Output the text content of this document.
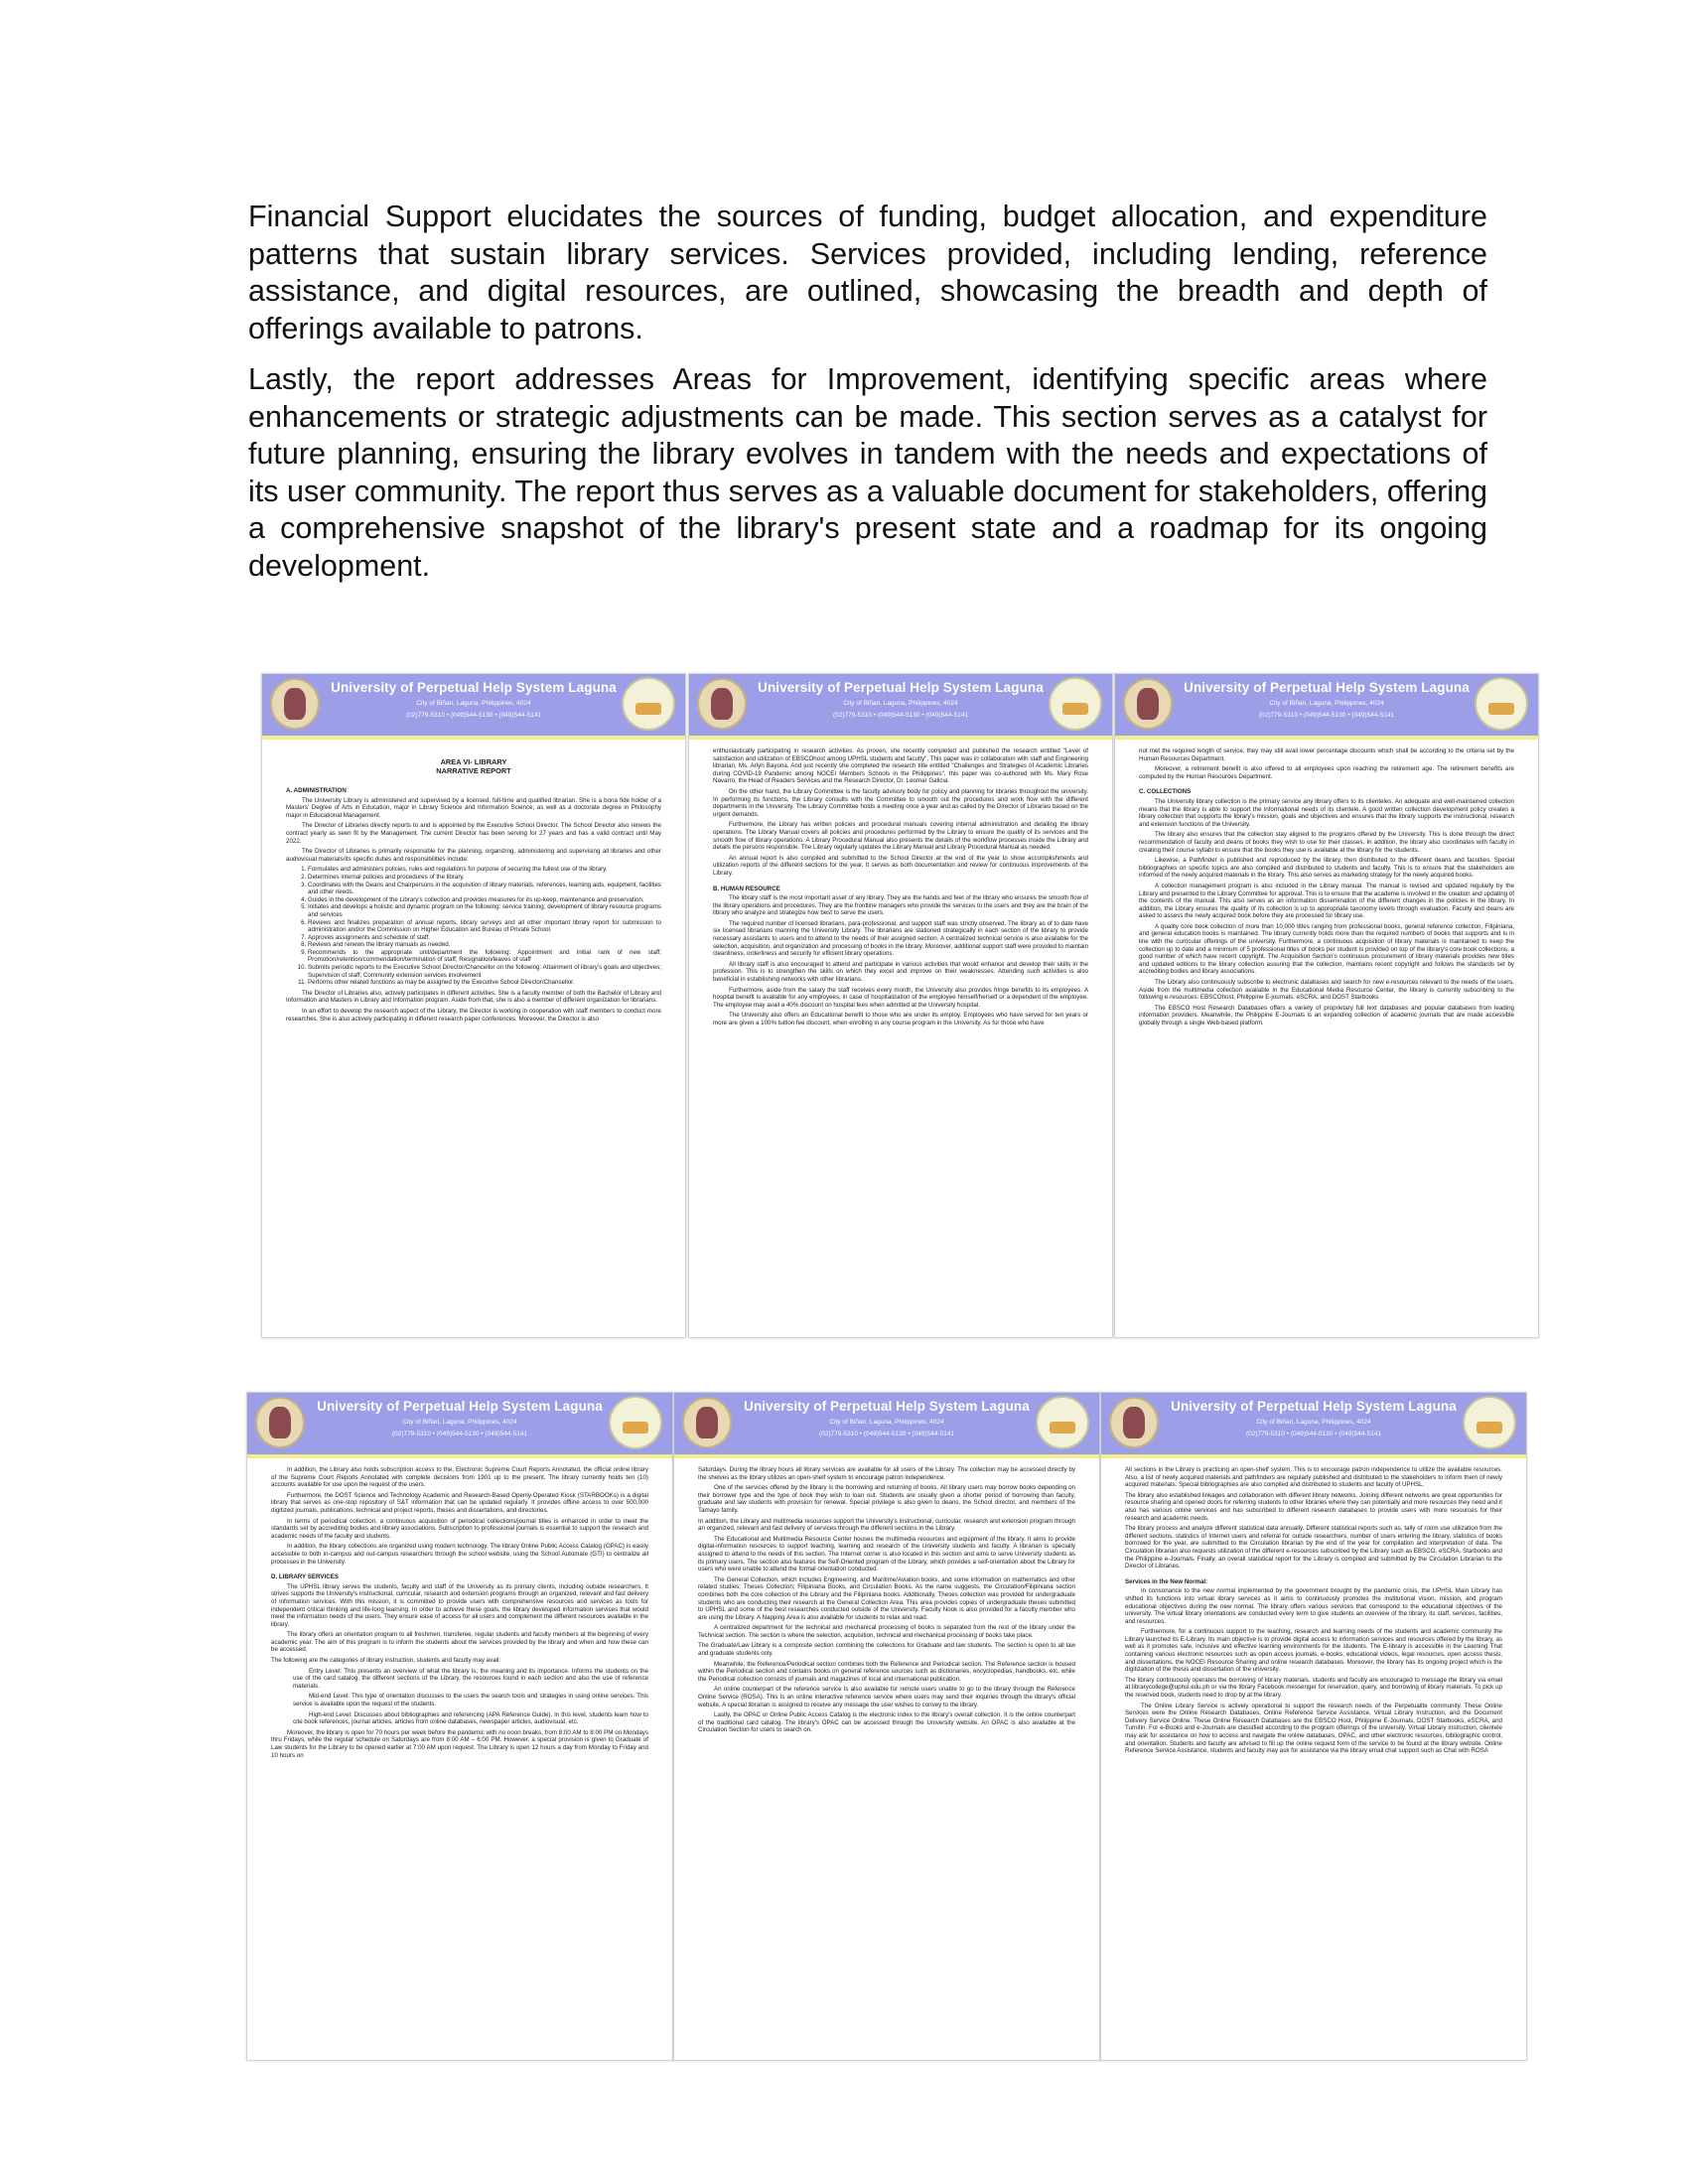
Financial Support elucidates the sources of funding, budget allocation, and expenditure patterns that sustain library services. Services provided, including lending, reference assistance, and digital resources, are outlined, showcasing the breadth and depth of offerings available to patrons.

Lastly, the report addresses Areas for Improvement, identifying specific areas where enhancements or strategic adjustments can be made. This section serves as a catalyst for future planning, ensuring the library evolves in tandem with the needs and expectations of its user community. The report thus serves as a valuable document for stakeholders, offering a comprehensive snapshot of the library's present state and a roadmap for its ongoing development.

University of Perpetual Help System Laguna
City of Biñan, Laguna, Philippines, 4024
(02)779-5310 • (049)544-5130 • (049)544-5141

AREA VI- LIBRARY
NARRATIVE REPORT

A. ADMINISTRATION

The University Library is administered and supervised by a licensed, full-time and qualified librarian. She is a bona fide holder of a Masters' Degree of Arts in Education, major in Library Science and Information Science, as well as a doctorate degree in Philosophy major in Educational Management.

The Director of Libraries directly reports to and is appointed by the Executive School Director. The School Director also renews the contract yearly as seen fit by the Management. The current Director has been serving for 27 years and has a valid contract until May 2022.

The Director of Libraries is primarily responsible for the planning, organizing, administering and supervising all libraries and other audiovisual materials/its specific duties and responsibilities include:

1. Formulates and administers policies, rules and regulations for purpose of securing the fullest use of the library.
2. Determines internal policies and procedures of the library.
3. Coordinates with the Deans and Chairpersons in the acquisition of library materials, references, learning aids, equipment, facilities and other needs.
4. Guides in the development of the Library's collection and provides measures for its up-keep, maintenance and preservation.
5. Initiates and develops a holistic and dynamic program on the following: service training; development of library resource programs and services
6. Reviews and finalizes preparation of annual reports, library surveys and all other important library report for submission to administration and/or the Commission on Higher Education and Bureau of Private School.
7. Approves assignments and schedule of staff.
8. Reviews and renews the library manuals as needed.
9. Recommends to the appropriate unit/department the following: Appointment and initial rank of new staff; Promotion/retention/commendation/termination of staff; Resignation/leaves of staff
10. Submits periodic reports to the Executive School Director/Chancellor on the following: Attainment of library's goals and objectives; Supervision of staff; Community extension services involvement
11. Performs other related functions as may be assigned by the Executive School Director/Chancellor.

The Director of Libraries also, actively participates in different activities. She is a faculty member of both the Bachelor of Library and Information and Masters in Library and Information program. Aside from that, she is also a member of different organization for librarians.

In an effort to develop the research aspect of the Library, the Director is working in cooperation with staff members to conduct more researches. She is also actively participating in different research paper conferences. Moreover, the Director is also

University of Perpetual Help System Laguna
City of Biñan, Laguna, Philippines, 4024
(02)779-5310 • (049)544-5130 • (049)544-5141

enthusiastically participating in research activities. As proven, she recently completed and published the research entitled "Level of satisfaction and utilization of EBSCOhost among UPHSL students and faculty". This paper was in collaboration with staff and Engineering librarian, Ms. Arlyn Bayona. And just recently she completed the research title entitled "Challenges and Strategies of Academic Libraries during COVID-19 Pandemic among NOCEI Members Schools in the Philippines", this paper was co-authored with Ms. Mary Rose Navarro, the Head of Readers Services and the Research Director, Dr. Leomar Galicia.

On the other hand, the Library Committee is the faculty advisory body for policy and planning for libraries throughout the university. In performing its functions, the Library consults with the Committee to smooth out the procedures and work flow with the different departments in the University. The Library Committee holds a meeting once a year and as called by the Director of Libraries based on the urgent demands.

Furthermore, the Library has written policies and procedural manuals covering internal administration and detailing the library operations. The Library Manual covers all policies and procedures performed by the Library to ensure the quality of its services and the smooth flow of library operations. A Library Procedural Manual also presents the details of the workflow processes inside the Library and details the persons responsible. The Library regularly updates the Library Manual and Library Procedural Manual as needed.

An annual report is also compiled and submitted to the School Director at the end of the year to show accomplishments and utilization reports of the different sections for the year. It serves as both documentation and review for continuous improvements of the Library.

B. HUMAN RESOURCE

The library staff is the most important asset of any library. They are the hands and feet of the library who ensures the smooth flow of the library operations and procedures. They are the frontline managers who provide the services to the users and they are the brain of the library who analyze and strategize how best to serve the users.

The required number of licensed librarians, para-professional, and support staff was strictly observed. The library as of to date have six licensed librarians manning the University Library. The librarians are stationed strategically in each section of the library to provide necessary assistants to users and to attend to the needs of their assigned section. A centralized technical service is also available for the selection, acquisition, and organization and processing of books in the library. Moreover, additional support staff were provided to maintain cleanliness, orderliness and security for efficient library operations.

All library staff is also encouraged to attend and participate in various activities that would enhance and develop their skills in the profession. This is to strengthen the skills on which they excel and improve on their weaknesses. Attending such activities is also beneficial in establishing networks with other librarians.

Furthermore, aside from the salary the staff receives every month, the University also provides fringe benefits to its employees. A hospital benefit is available for any employees, in case of hospitalization of the employee himself/herself or a dependent of the employee. The employee may avail a 40% discount on hospital fees when admitted at the University hospital.

The University also offers an Educational benefit to those who are under its employ. Employees who have served for ten years or more are given a 100% tuition fee discount, when enrolling in any course program in the University. As for those who have

University of Perpetual Help System Laguna
City of Biñan, Laguna, Philippines, 4024
(02)779-5310 • (049)544-5130 • (049)544-5141

not met the required length of service, they may still avail lower percentage discounts which shall be according to the criteria set by the Human Resources Department.

Moreover, a retirement benefit is also offered to all employees upon reaching the retirement age. The retirement benefits are computed by the Human Resources Department.

C. COLLECTIONS

The University library collection is the primary service any library offers to its clienteles. An adequate and well-maintained collection means that the library is able to support the informational needs of its clientele. A good written collection development policy creates a library collection that supports the library's mission, goals and objectives and ensures that the library supports the instructional, research and extension functions of the University.

The library also ensures that the collection stay aligned to the programs offered by the University. This is done through the direct recommendation of faculty and deans of books they wish to use for their classes. In addition, the library also coordinates with faculty in creating their course syllabi to ensure that the books they use is available at the library for the students.

Likewise, a Pathfinder is published and reproduced by the library, then distributed to the different deans and faculties. Special bibliographies on specific topics are also compiled and distributed to students and faculty. This is to ensure that the stakeholders are informed of the newly acquired materials in the library. This also serves as marketing strategy for the newly acquired books.

A collection management program is also included in the Library manual. The manual is revised and updated regularly by the Library and presented to the Library Committee for approval. This is to ensure that the academe is involved in the creation and updating of the contents of the manual. This also serves as an information dissemination of the different changes in the policies in the library. In addition, the Library ensures the quality of its collection is up to appropriate taxonomy levels through evaluation. Faculty and deans are asked to assess the newly acquired book before they are processed for library use.

A quality core book collection of more than 10,000 titles ranging from professional books, general reference collection, Filipiniana, and general education books is maintained. The library currently holds more than the required numbers of books that supports and is in line with the curricular offerings of the university. Furthermore, a continuous acquisition of library materials is maintained to keep the collection up to date and a minimum of 5 professional titles of books per student is provided on top of the library's core book collections, a good number of which have recent copyright. The Acquisition Section's continuous procurement of library materials provides new titles and updated editions to the library collection assuring that the collection, maintains recent copyright and follows the standards set by accrediting bodies and library associations.

The Library also continuously subscribe to electronic databases and search for new e-resources relevant to the needs of the users. Aside from the multimedia collection available in the Educational Media Resource Center, the library is currently subscribing to the following e-resources: EBSCOhost, Philippine E-journals, eSCRA, and DOST Starbooks.

The EBSCO Host Research Databases offers a variety of proprietary full text databases and popular databases from leading information providers. Meanwhile, the Philippine E-Journals is an expanding collection of academic journals that are made accessible globally through a single Web-based platform.

University of Perpetual Help System Laguna
City of Biñan, Laguna, Philippines, 4024
(02)779-5310 • (049)544-5130 • (049)544-5141

In addition, the Library also holds subscription access to the, Electronic Supreme Court Reports Annotated, the official online library of the Supreme Court Reports Annotated with complete decisions from 1901 up to the present. The library currently holds ten (10) accounts available for use upon the request of the users.

Furthermore, the DOST Science and Technology Academic and Research-Based Openly-Operated Kiosk (STARBOOKs) is a digital library that serves as one-stop repository of S&T information that can be updated regularly. It provides offline access to over 500,000 digitized journals, publications, technical and project reports, theses and dissertations, and directories.

In terms of periodical collection, a continuous acquisition of periodical collections/journal titles is enhanced in order to meet the standards set by accrediting bodies and library associations. Subscription to professional journals is essential to support the research and academic needs of the faculty and students.

In addition, the library collections are organized using modern technology. The library Online Public Access Catalog (OPAC) is easily accessible to both in-campus and out-campus researchers through the school website, using the School Automate (GTI) to centralize all processes in the University.

D. LIBRARY SERVICES

The UPHSL library serves the students, faculty and staff of the University as its primary clients, including outside researchers. It strives supports the University's instructional, curricular, research and extension programs through an organized, relevant and fast delivery of information services. With this mission, it is committed to provide users with comprehensive resources and services as tools for independent critical thinking and life-long learning. In order to achieve these goals, the library developed information services that would meet the information needs of the users. They ensure ease of access for all users and complement the different resources available in the library.

The library offers an orientation program to all freshmen, transferee, regular students and faculty members at the beginning of every academic year. The aim of this program is to inform the students about the services provided by the library and when and how these can be accessed.

The following are the categories of library instruction, students and faculty may avail:

Entry Level: This presents an overview of what the library is, the meaning and its importance. Informs the students on the use of the card catalog, the different sections of the Library, the resources found in each section and also the use of reference materials.

Mid-end Level: This type of orientation discusses to the users the search tools and strategies in using online services. This service is available upon the request of the students.

High-end Level: Discusses about bibliographies and referencing (APA Reference Guide). In this level, students learn how to cite book references, journal articles, articles from online databases, newspaper articles, audiovisual, etc.

Moreover, the library is open for 70 hours per week before the pandemic with no noon breaks, from 8:00 AM to 8:00 PM on Mondays thru Fridays, while the regular schedule on Saturdays are from 8:00 AM – 6:00 PM. However, a special provision is given to Graduate of Law students for the Library to be opened earlier at 7:00 AM upon request. The Library is open 12 hours a day from Monday to Friday and 10 hours on

University of Perpetual Help System Laguna
City of Biñan, Laguna, Philippines, 4024
(02)779-5310 • (049)544-5130 • (049)544-5141

Saturdays. During the library hours all library services are available for all users of the Library. The collection may be accessed directly by the shelves as the library utilizes an open-shelf system to encourage patron independence.

One of the services offered by the library is the borrowing and returning of books. All library users may borrow books depending on their borrower type and the type of book they wish to loan out. Students are usually given a shorter period of borrowing than faculty, graduate and law students with provision for renewal. Special privilege is also given to deans, the School director, and members of the Tamayo family.

In addition, the Library and multimedia resources support the University's instructional, curricular, research and extension program through an organized, relevant and fast delivery of services through the different sections in the Library.

The Educational and Multimedia Resource Center houses the multimedia resources and equipment of the library. It aims to provide digital-information resources to support teaching, learning and research of the University students and faculty. A librarian is specially assigned to attend to the needs of this section. The Internet corner is also located in this section and aims to serve University students as its primary users. The section also features the Self-Oriented program of the Library, which provides a self-orientation about the Library for users who were unable to attend the formal orientation conducted.

The General Collection, which includes Engineering, and Maritime/Aviation books, and some information on mathematics and other related studies; Theses Collection; Filipiniana Books, and Circulation Books. As the name suggests, the Circulation/Filipiniana section combines both the core collection of the Library and the Filipiniana books. Additionally, Theses collection was provided for undergraduate students who are conducting their research at the General Collection Area. This area provides copies of undergraduate theses submitted to UPHSL and some of the best researches conducted outside of the University. Faculty Nook is also provided for a faculty member who are using the Library. A Napping Area is also available for students to relax and read.

A centralized department for the technical and mechanical processing of books is separated from the rest of the library under the Technical section. The section is where the selection, acquisition, technical and mechanical processing of books take place.

The Graduate/Law Library is a composite section combining the collections for Graduate and law students. The section is open to all law and graduate students only.

Meanwhile, the Reference/Periodical section combines both the Reference and Periodical section. The Reference section is housed within the Periodical section and contains books on general reference sources such as dictionaries, encyclopedias, handbooks, etc. while the Periodical collection consists of journals and magazines of local and international publication.

An online counterpart of the reference service is also available for remote users unable to go to the library through the Reference Online Service (ROSA). This is an online interactive reference service where users may send their inquiries through the library's official website. A special librarian is assigned to receive any message the user wishes to convey to the library.

Lastly, the OPAC or Online Public Access Catalog is the electronic index to the library's overall collection. It is the online counterpart of the traditional card catalog. The library's OPAC can be accessed through the University website. An OPAC is also available at the Circulation Section for users to search on.

University of Perpetual Help System Laguna
City of Biñan, Laguna, Philippines, 4024
(02)779-5310 • (049)544-5130 • (049)544-5141

All sections in the Library is practicing an open-shelf system. This is to encourage patron independence to utilize the available resources. Also, a list of newly acquired materials and pathfinders are regularly published and distributed to the stakeholders to inform them of newly acquired materials. Special bibliographies are also compiled and distributed to students and faculty of UPHSL.

The library also established linkages and collaboration with different library networks. Joining different networks are great opportunities for resource sharing and opened doors for referring students to other libraries where they can potentially and more resources they need and it also has various online services and has subscribed to different research databases to provide users with more resources for their research and academic needs.

The library process and analyze different statistical data annually. Different statistical reports such as, tally of room use utilization from the different sections, statistics of Internet users and referral for outside researchers, number of users entering the library, statistics of books borrowed for the year, are submitted to the Circulation librarian by the end of the year for compilation and interpretation of data. The Circulation librarian also requests utilization of the different e-resources subscribed by the Library such as EBSCO, eSCRA, Starbooks and the Philippine e-Journals. Finally, an overall statistical report for the Library is compiled and submitted by the Circulation Librarian to the Director of Libraries.

Services in the New Normal:

In consonance to the new normal implemented by the government brought by the pandemic crisis, the UPHSL Main Library has shifted its functions into virtual library services as it aims to continuously promotes the institutional vision, mission, and program educational objectives during the new normal. The library offers various services that correspond to the educational objectives of the university. The virtual library orientations are conducted every term to give students an overview of the library, its staff, services, facilities, and resources.

Furthermore, for a continuous support to the teaching, research and learning needs of the students and academic community the Library launched its E-Library. Its main objective is to provide digital access to information services and resources offered by the library, as well as it promotes safe, inclusive and effective learning environments for the students. The E-library is accessible in the Learning That containing various electronic resources such as open access journals, e-books, educational videos, legal resources, open access thesis, and dissertations, the NOCEI Resource Sharing and online research databases. Moreover, the library has its ongoing project which is the digitization of the thesis and dissertation of the university.

The library continuously operates the borrowing of library materials, students and faculty are encouraged to message the library via email at librarycollege@uphsl.edu.ph or via the library Facebook messenger for reservation, query, and borrowing of library materials. To pick up the reserved book, students need to drop by at the library.

The Online Library Service is actively operational to support the research needs of the Perpetualite community. These Online Services were the Online Research Databases, Online Reference Service Assistance, Virtual Library Instruction, and the Document Delivery Service Online. These Online Research Databases are the EBSCO Host, Philippine E-Journals, DOST Starbooks, eSCRA, and Turnitin. For e-Books and e-Journals are classified according to the program offerings of the university. Virtual Library instruction, clientele may ask for assistance on how to access and navigate the online databases, OPAC, and other electronic resources, bibliographic control, and orientation. Students and faculty are advised to fill up the online request form of the service to be found at the library website. Online Reference Service Assistance, students and faculty may ask for assistance via the library email chat support such as Chat with ROSA
